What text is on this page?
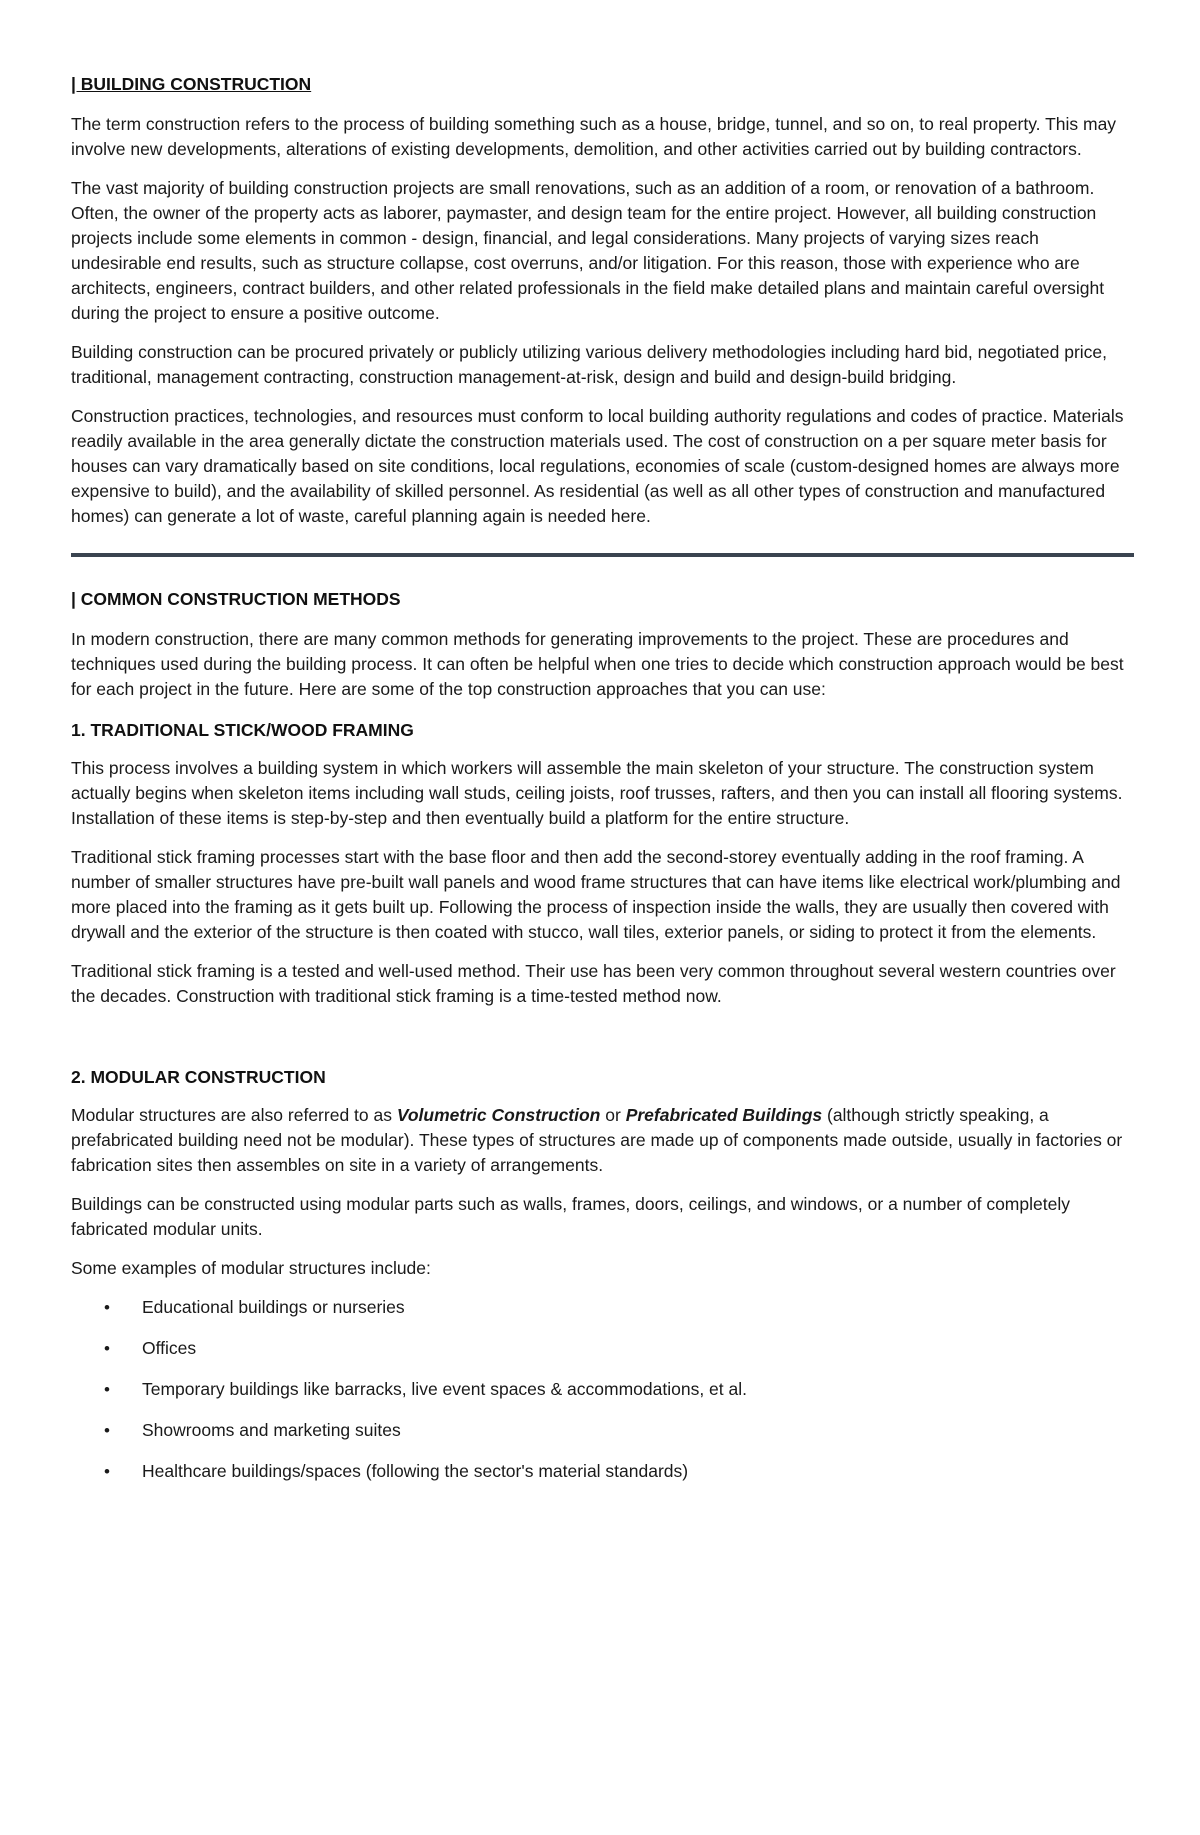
| BUILDING CONSTRUCTION

The term construction refers to the process of building something such as a house, bridge, tunnel, and so on, to real property. This may involve new developments, alterations of existing developments, demolition, and other activities carried out by building contractors.

The vast majority of building construction projects are small renovations, such as an addition of a room, or renovation of a bathroom. Often, the owner of the property acts as laborer, paymaster, and design team for the entire project. However, all building construction projects include some elements in common - design, financial, and legal considerations. Many projects of varying sizes reach undesirable end results, such as structure collapse, cost overruns, and/or litigation. For this reason, those with experience who are architects, engineers, contract builders, and other related professionals in the field make detailed plans and maintain careful oversight during the project to ensure a positive outcome.

Building construction can be procured privately or publicly utilizing various delivery methodologies including hard bid, negotiated price, traditional, management contracting, construction management-at-risk, design and build and design-build bridging.

Construction practices, technologies, and resources must conform to local building authority regulations and codes of practice. Materials readily available in the area generally dictate the construction materials used. The cost of construction on a per square meter basis for houses can vary dramatically based on site conditions, local regulations, economies of scale (custom-designed homes are always more expensive to build), and the availability of skilled personnel. As residential (as well as all other types of construction and manufactured homes) can generate a lot of waste, careful planning again is needed here.

| COMMON CONSTRUCTION METHODS

In modern construction, there are many common methods for generating improvements to the project. These are procedures and techniques used during the building process. It can often be helpful when one tries to decide which construction approach would be best for each project in the future. Here are some of the top construction approaches that you can use:

1. TRADITIONAL STICK/WOOD FRAMING

This process involves a building system in which workers will assemble the main skeleton of your structure. The construction system actually begins when skeleton items including wall studs, ceiling joists, roof trusses, rafters, and then you can install all flooring systems. Installation of these items is step-by-step and then eventually build a platform for the entire structure.

Traditional stick framing processes start with the base floor and then add the second-storey eventually adding in the roof framing. A number of smaller structures have pre-built wall panels and wood frame structures that can have items like electrical work/plumbing and more placed into the framing as it gets built up. Following the process of inspection inside the walls, they are usually then covered with drywall and the exterior of the structure is then coated with stucco, wall tiles, exterior panels, or siding to protect it from the elements.

Traditional stick framing is a tested and well-used method. Their use has been very common throughout several western countries over the decades. Construction with traditional stick framing is a time-tested method now.

2. MODULAR CONSTRUCTION

Modular structures are also referred to as Volumetric Construction or Prefabricated Buildings (although strictly speaking, a prefabricated building need not be modular). These types of structures are made up of components made outside, usually in factories or fabrication sites then assembles on site in a variety of arrangements.

Buildings can be constructed using modular parts such as walls, frames, doors, ceilings, and windows, or a number of completely fabricated modular units.

Some examples of modular structures include:

• Educational buildings or nurseries
• Offices
• Temporary buildings like barracks, live event spaces & accommodations, et al.
• Showrooms and marketing suites
• Healthcare buildings/spaces (following the sector's material standards)
